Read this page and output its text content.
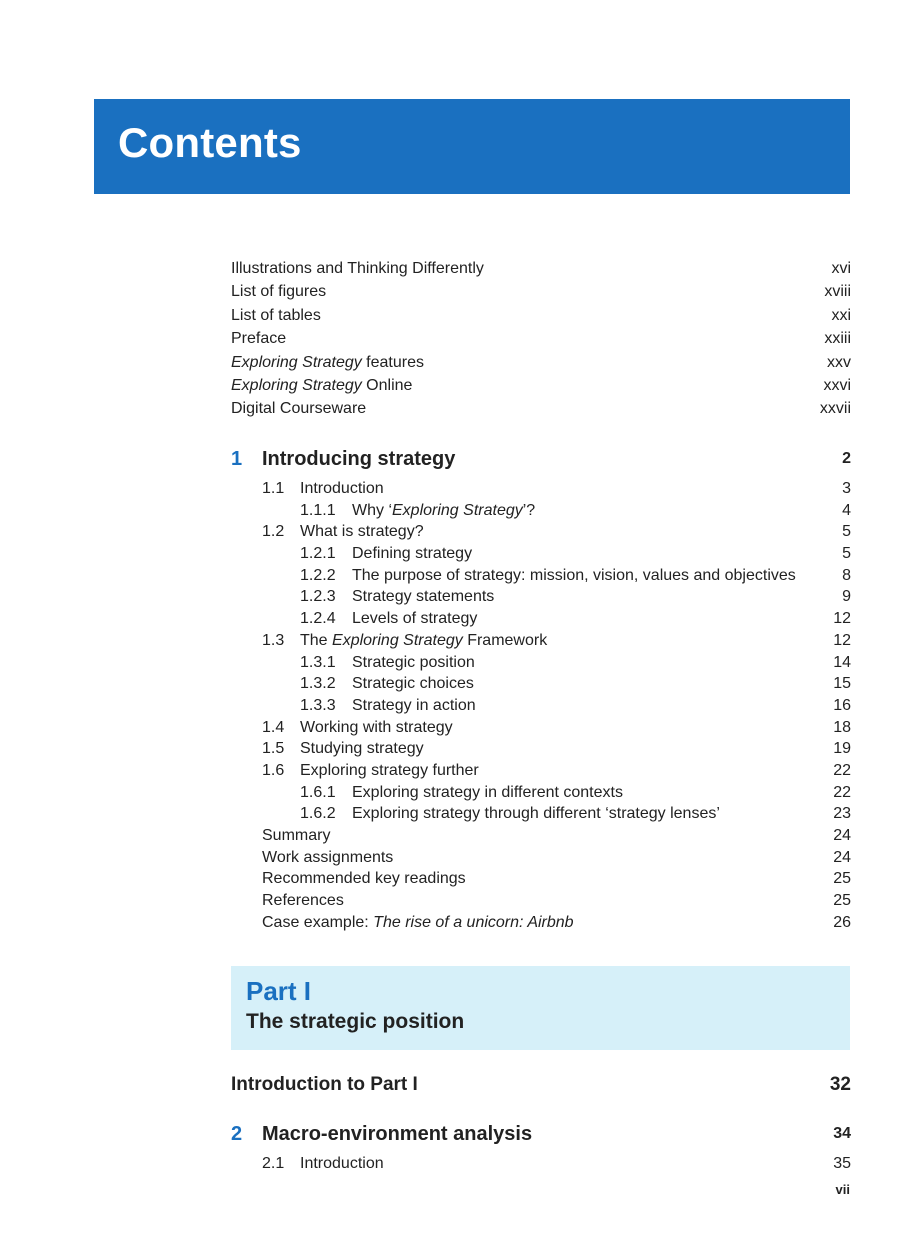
Contents
Illustrations and Thinking Differently	xvi
List of figures	xviii
List of tables	xxi
Preface	xxiii
Exploring Strategy features	xxv
Exploring Strategy Online	xxvi
Digital Courseware	xxvii
1 Introducing strategy	2
1.1 Introduction	3
1.1.1	Why ‘Exploring Strategy’?	4
1.2 What is strategy?	5
1.2.1	Defining strategy	5
1.2.2	The purpose of strategy: mission, vision, values and objectives	8
1.2.3	Strategy statements	9
1.2.4	Levels of strategy	12
1.3 The Exploring Strategy Framework	12
1.3.1	Strategic position	14
1.3.2	Strategic choices	15
1.3.3	Strategy in action	16
1.4 Working with strategy	18
1.5 Studying strategy	19
1.6 Exploring strategy further	22
1.6.1	Exploring strategy in different contexts	22
1.6.2	Exploring strategy through different ‘strategy lenses’	23
Summary	24
Work assignments	24
Recommended key readings	25
References	25
Case example: The rise of a unicorn: Airbnb	26
Part I
The strategic position
Introduction to Part I	32
2 Macro-environment analysis	34
2.1 Introduction	35
vii
